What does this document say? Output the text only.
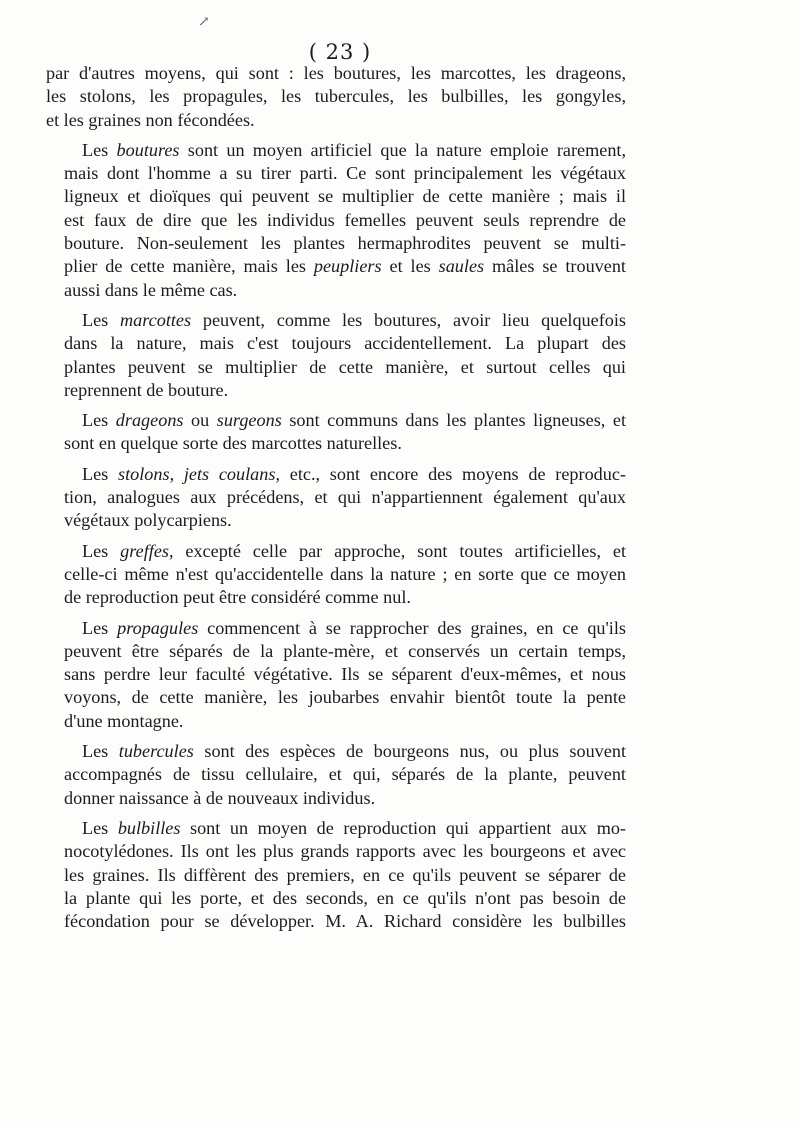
↗
( 23 )
par d'autres moyens, qui sont : les boutures, les marcottes, les drageons,
les stolons, les propagules, les tubercules, les bulbilles, les gongyles,
et les graines non fécondées.
Les boutures sont un moyen artificiel que la nature emploie rarement,
mais dont l'homme a su tirer parti. Ce sont principalement les végétaux
ligneux et dioïques qui peuvent se multiplier de cette manière ; mais il
est faux de dire que les individus femelles peuvent seuls reprendre de
bouture. Non-seulement les plantes hermaphrodites peuvent se multi-
plier de cette manière, mais les peupliers et les saules mâles se trouvent
aussi dans le même cas.
Les marcottes peuvent, comme les boutures, avoir lieu quelquefois
dans la nature, mais c'est toujours accidentellement. La plupart des
plantes peuvent se multiplier de cette manière, et surtout celles qui
reprennent de bouture.
Les drageons ou surgeons sont communs dans les plantes ligneuses, et
sont en quelque sorte des marcottes naturelles.
Les stolons, jets coulans, etc., sont encore des moyens de reproduc-
tion, analogues aux précédens, et qui n'appartiennent également qu'aux
végétaux polycarpiens.
Les greffes, excepté celle par approche, sont toutes artificielles, et
celle-ci même n'est qu'accidentelle dans la nature ; en sorte que ce moyen
de reproduction peut être considéré comme nul.
Les propagules commencent à se rapprocher des graines, en ce qu'ils
peuvent être séparés de la plante-mère, et conservés un certain temps,
sans perdre leur faculté végétative. Ils se séparent d'eux-mêmes, et nous
voyons, de cette manière, les joubarbes envahir bientôt toute la pente
d'une montagne.
Les tubercules sont des espèces de bourgeons nus, ou plus souvent
accompagnés de tissu cellulaire, et qui, séparés de la plante, peuvent
donner naissance à de nouveaux individus.
Les bulbilles sont un moyen de reproduction qui appartient aux mo-
nocotylédones. Ils ont les plus grands rapports avec les bourgeons et avec
les graines. Ils diffèrent des premiers, en ce qu'ils peuvent se séparer de
la plante qui les porte, et des seconds, en ce qu'ils n'ont pas besoin de
fécondation pour se développer. M. A. Richard considère les bulbilles
